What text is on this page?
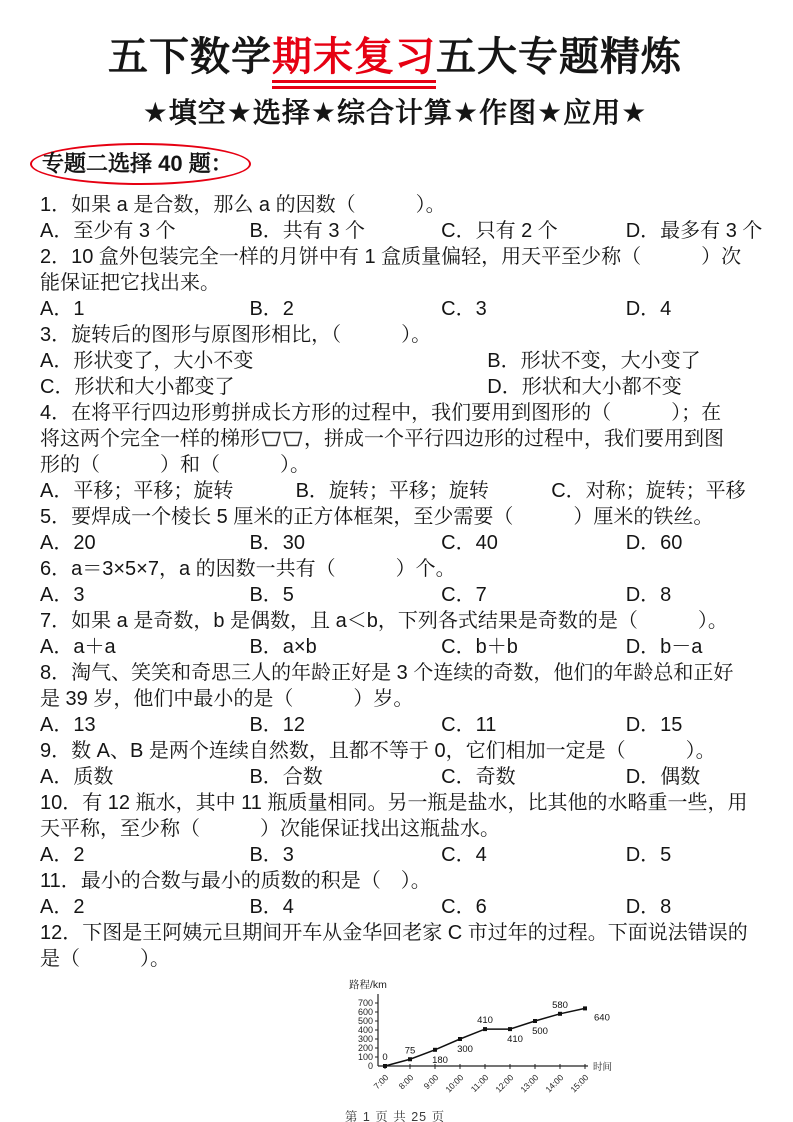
五下数学期末复习五大专题精炼
★填空★选择★综合计算★作图★应用★
专题二选择 40 题：
1．如果 a 是合数，那么 a 的因数（　　　）。
A．至少有 3 个	B．共有 3 个	C．只有 2 个	D．最多有 3 个
2．10 盒外包装完全一样的月饼中有 1 盒质量偏轻，用天平至少称（　　　）次
能保证把它找出来。
A．1	B．2	C．3	D．4
3．旋转后的图形与原图形相比，（　　　）。
A．形状变了，大小不变	B．形状不变，大小变了
C．形状和大小都变了	D．形状和大小都不变
4．在将平行四边形剪拼成长方形的过程中，我们要用到图形的（　　　）；在
将这两个完全一样的梯形 ，拼成一个平行四边形的过程中，我们要用到图
形的（　　　）和（　　　）。
A．平移；平移；旋转	B．旋转；平移；旋转	C．对称；旋转；平移
5．要焊成一个棱长 5 厘米的正方体框架，至少需要（　　　）厘米的铁丝。
A．20	B．30	C．40	D．60
6．a＝3×5×7，a 的因数一共有（　　　）个。
A．3	B．5	C．7	D．8
7．如果 a 是奇数，b 是偶数，且 a＜b，下列各式结果是奇数的是（　　　）。
A．a＋a	B．a×b	C．b＋b	D．b－a
8．淘气、笑笑和奇思三人的年龄正好是 3 个连续的奇数，他们的年龄总和正好
是 39 岁，他们中最小的是（　　　）岁。
A．13	B．12	C．11	D．15
9．数 A、B 是两个连续自然数，且都不等于 0，它们相加一定是（　　　）。
A．质数	B．合数	C．奇数	D．偶数
10．有 12 瓶水，其中 11 瓶质量相同。另一瓶是盐水，比其他的水略重一些，用
天平称，至少称（　　　）次能保证找出这瓶盐水。
A．2	B．3	C．4	D．5
11．最小的合数与最小的质数的积是（　）。
A．2	B．4	C．6	D．8
12．下图是王阿姨元旦期间开车从金华回老家 C 市过年的过程。下面说法错误的
是（　　　）。
路程/km
100
200
300
400
500
600
700
0
7:00 8:00 9:00 10:00 11:00 12:00 13:00 14:00 15:00
时间
0
75
180
300
410
410
500
580
640
第 1 页 共 25 页
